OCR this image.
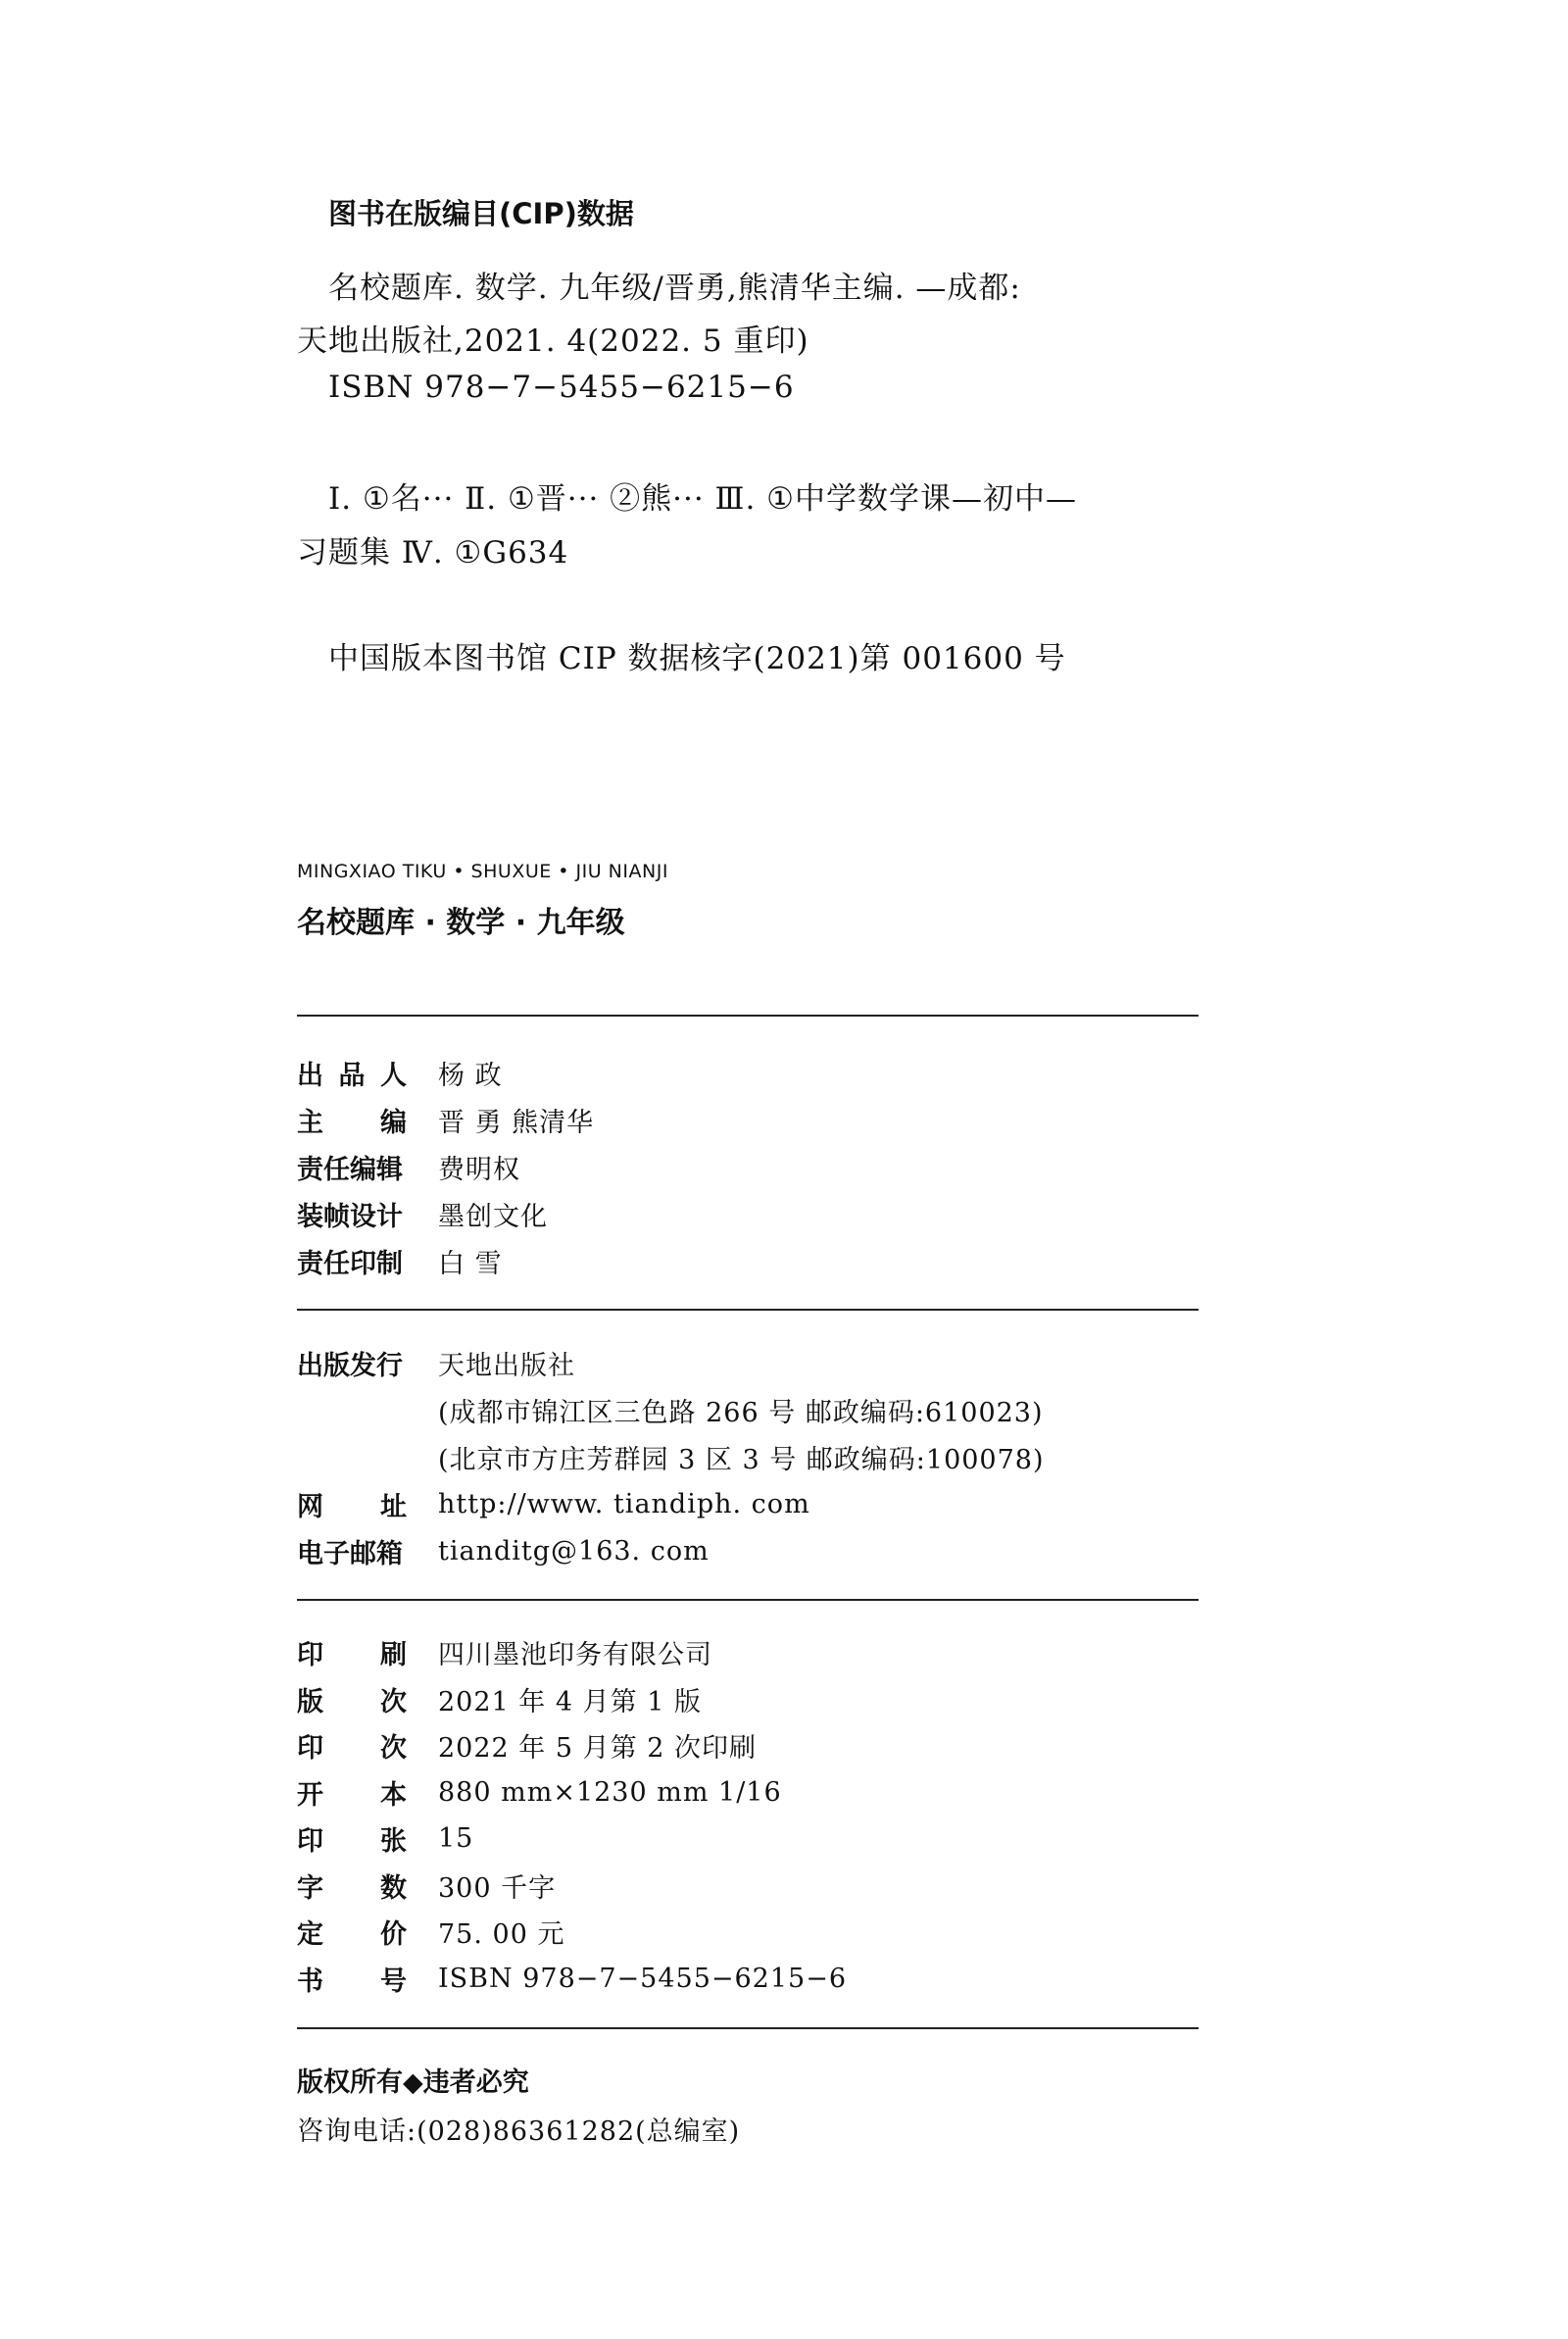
图书在版编目(CIP)数据
名校题库. 数学. 九年级/晋勇,熊清华主编. —成都:
天地出版社,2021. 4(2022. 5 重印)
ISBN 978−7−5455−6215−6
Ⅰ. ①名··· Ⅱ. ①晋··· ②熊··· Ⅲ. ①中学数学课—初中—
习题集 Ⅳ. ①G634
中国版本图书馆 CIP 数据核字(2021)第 001600 号
MINGXIAO TIKU • SHUXUE • JIU NIANJI
名校题库 · 数学 · 九年级
出 品 人 杨 政
主 编 晋 勇 熊清华
责任编辑 费明权
装帧设计 墨创文化
责任印制 白 雪
出版发行 天地出版社
(成都市锦江区三色路 266 号 邮政编码:610023)
(北京市方庄芳群园 3 区 3 号 邮政编码:100078)
网 址 http://www. tiandiph. com
电子邮箱 tianditg@163. com
印 刷 四川墨池印务有限公司
版 次 2021 年 4 月第 1 版
印 次 2022 年 5 月第 2 次印刷
开 本 880 mm×1230 mm 1/16
印 张 15
字 数 300 千字
定 价 75. 00 元
书 号 ISBN 978−7−5455−6215−6
版权所有◆违者必究
咨询电话:(028)86361282(总编室)
